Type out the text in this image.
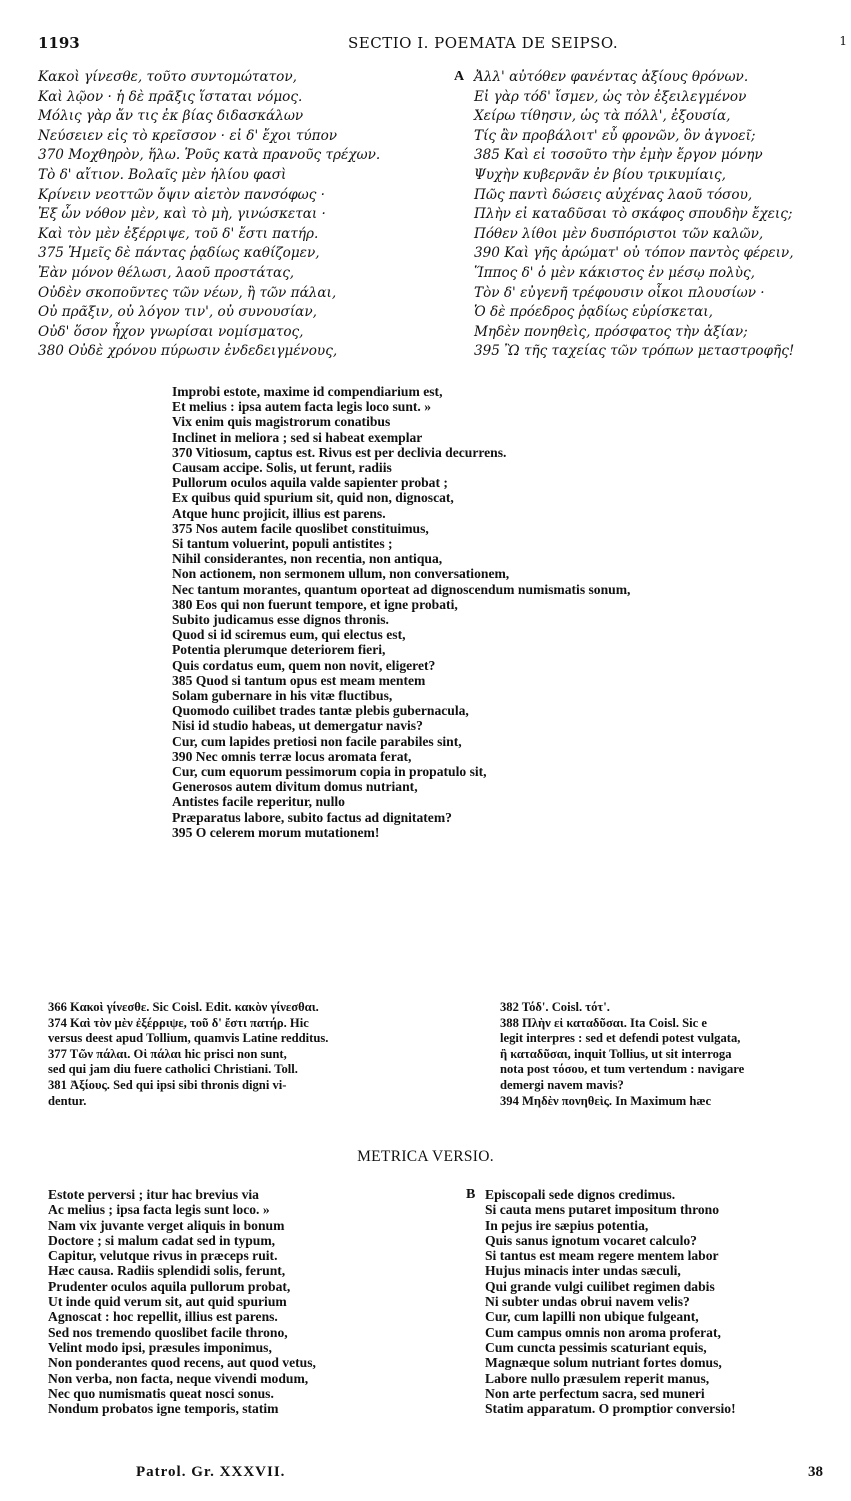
1193	SECTIO I. POEMATA DE SEIPSO.	1
Κακοὶ γίνεσθε, τοῦτο συντομώτατον,
Καὶ λῷον · ἡ δὲ πρᾶξις ἵσταται νόμος.
Μόλις γὰρ ἄν τις ἐκ βίας διδασκάλων
Νεύσειεν εἰς τὸ κρεῖσσον · εἰ δ' ἔχοι τύπον
370 Μοχθηρὸν, ἥλω. Ῥοῦς κατὰ πρανοῦς τρέχων.
Τὸ δ' αἴτιον. Βολαῖς μὲν ἡλίου φασὶ
Κρίνειν νεοττῶν ὄψιν αἰετὸν πανσόφως ·
Ἐξ ὧν νόθον μὲν, καὶ τὸ μὴ, γινώσκεται ·
Καὶ τὸν μὲν ἐξέρριψε, τοῦ δ' ἔστι πατήρ.
375 Ἡμεῖς δὲ πάντας ῥᾳδίως καθίζομεν,
Ἐὰν μόνον θέλωσι, λαοῦ προστάτας,
Οὐδὲν σκοποῦντες τῶν νέων, ἢ τῶν πάλαι,
Οὐ πρᾶξιν, οὐ λόγον τιν', οὐ συνουσίαν,
Οὐδ' ὅσον ἦχον γνωρίσαι νομίσματος,
380 Οὐδὲ χρόνου πύρωσιν ἐνδεδειγμένους,
A Ἀλλ' αὐτόθεν φανέντας ἀξίους θρόνων.
Εἰ γὰρ τόδ' ἴσμεν, ὡς τὸν ἐξειλεγμένον
Χείρω τίθησιν, ὡς τὰ πόλλ', ἐξουσία,
Τίς ἂν προβάλοιτ' εὖ φρονῶν, ὃν ἀγνοεῖ;
385 Καὶ εἰ τοσοῦτο τὴν ἐμὴν ἔργον μόνην
Ψυχὴν κυβερνᾶν ἐν βίου τρικυμίαις,
Πῶς παντὶ δώσεις αὐχένας λαοῦ τόσου,
Πλὴν εἰ καταδῦσαι τὸ σκάφος σπουδὴν ἔχεις;
Πόθεν λίθοι μὲν δυσπόριστοι τῶν καλῶν,
390 Καὶ γῆς ἀρώματ' οὐ τόπον παντὸς φέρειν,
Ἵππος δ' ὁ μὲν κάκιστος ἐν μέσῳ πολὺς,
Τὸν δ' εὐγενῆ τρέφουσιν οἶκοι πλουσίων ·
Ὁ δὲ πρόεδρος ῥᾳδίως εὑρίσκεται,
Μηδὲν πονηθεὶς, πρόσφατος τὴν ἀξίαν;
395 Ὢ τῆς ταχείας τῶν τρόπων μεταστροφῆς!
Improbi estote, maxime id compendiarium est,
Et melius : ipsa autem facta legis loco sunt. »
Vix enim quis magistrorum conatibus
Inclinet in meliora ; sed si habeat exemplar
370 Vitiosum, captus est. Rivus est per declivia decurrens.
Causam accipe. Solis, ut ferunt, radiis
Pullorum oculos aquila valde sapienter probat ;
Ex quibus quid spurium sit, quid non, dignoscat,
Atque hunc projicit, illius est parens.
375 Nos autem facile quoslibet constituimus,
Si tantum voluerint, populi antistites ;
Nihil considerantes, non recentia, non antiqua,
Non actionem, non sermonem ullum, non conversationem,
Nec tantum morantes, quantum oporteat ad dignoscendum numismatis sonum,
380 Eos qui non fuerunt tempore, et igne probati,
Subito judicamus esse dignos thronis.
Quod si id sciremus eum, qui electus est,
Potentia plerumque deteriorem fieri,
Quis cordatus eum, quem non novit, eligeret?
385 Quod si tantum opus est meam mentem
Solam gubernare in his vitæ fluctibus,
Quomodo cuilibet trades tantæ plebis gubernacula,
Nisi id studio habeas, ut demergatur navis?
Cur, cum lapides pretiosi non facile parabiles sint,
390 Nec omnis terræ locus aromata ferat,
Cur, cum equorum pessimorum copia in propatulo sit,
Generosos autem divitum domus nutriant,
Antistes facile reperitur, nullo
Præparatus labore, subito factus ad dignitatem?
395 O celerem morum mutationem!
366 Κακοὶ γίνεσθε. Sic Coisl. Edit. κακὸν γίνεσθαι.
374 Καὶ τὸν μὲν ἐξέρριψε, τοῦ δ' ἔστι πατήρ. Hic
versus deest apud Tollium, quamvis Latine redditus.
377 Τῶν πάλαι. Οἱ πάλαι hic prisci non sunt,
sed qui jam diu fuere catholici Christiani. Toll.
381 Ἀξίους. Sed qui ipsi sibi thronis digni vi-
dentur.
382 Τόδ'. Coisl. τότ'.
388 Πλὴν εἰ καταδῦσαι. Ita Coisl. Sic e
legit interpres : sed et defendi potest vulgata,
ἢ καταδῦσαι, inquit Tollius, ut sit interroga
nota post τόσου, et tum vertendum : navigare
demergi navem mavis?
394 Μηδὲν πονηθεὶς. In Maximum hæc
METRICA VERSIO.
Estote perversi ; itur hac brevius via
Ac melius ; ipsa facta legis sunt loco. »
Nam vix juvante verget aliquis in bonum
Doctore ; si malum cadat sed in typum,
Capitur, velutque rivus in præceps ruit.
Hæc causa. Radiis splendidi solis, ferunt,
Prudenter oculos aquila pullorum probat,
Ut inde quid verum sit, aut quid spurium
Agnoscat : hoc repellit, illius est parens.
Sed nos tremendo quoslibet facile throno,
Velint modo ipsi, præsules imponimus,
Non ponderantes quod recens, aut quod vetus,
Non verba, non facta, neque vivendi modum,
Nec quo numismatis queat nosci sonus.
Nondum probatos igne temporis, statim
B Episcopali sede dignos credimus.
Si cauta mens putaret impositum throno
In pejus ire sæpius potentia,
Quis sanus ignotum vocaret calculo?
Si tantus est meam regere mentem labor
Hujus minacis inter undas sæculi,
Qui grande vulgi cuilibet regimen dabis
Ni subter undas obrui navem velis?
Cur, cum lapilli non ubique fulgeant,
Cum campus omnis non aroma proferat,
Cum cuncta pessimis scaturiant equis,
Magnæque solum nutriant fortes domus,
Labore nullo præsulem reperit manus,
Non arte perfectum sacra, sed muneri
Statim apparatum. O promptior conversio!
Patrol. Gr. XXXVII.	38
